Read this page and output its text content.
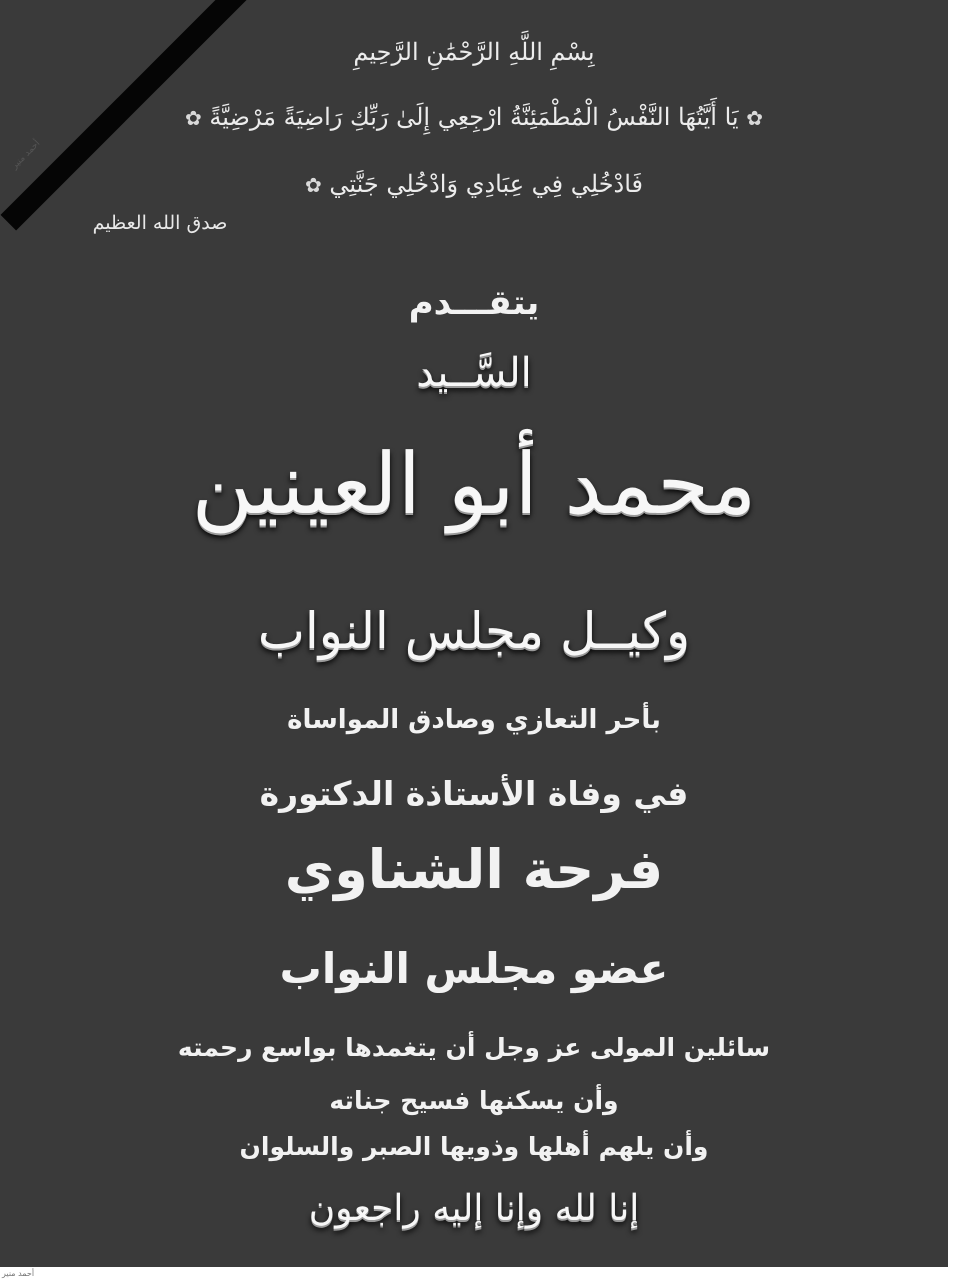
أحمد منير
بِسْمِ اللَّهِ الرَّحْمَٰنِ الرَّحِيمِ
✿ يَا أَيَّتُهَا النَّفْسُ الْمُطْمَئِنَّةُ ارْجِعِي إِلَىٰ رَبِّكِ رَاضِيَةً مَرْضِيَّةً ✿
فَادْخُلِي فِي عِبَادِي وَادْخُلِي جَنَّتِي ✿
صدق الله العظيم
يتقـــدم
السَّــيد
محمد أبو العينين
وكيــل مجلس النواب
بأحر التعازي وصادق المواساة
في وفاة الأستاذة الدكتورة
فرحة الشناوي
عضو مجلس النواب
سائلين المولى عز وجل أن يتغمدها بواسع رحمته
وأن يسكنها فسيح جناته
وأن يلهم أهلها وذويها الصبر والسلوان
إنا لله وإنا إليه راجعون
أحمد منير
